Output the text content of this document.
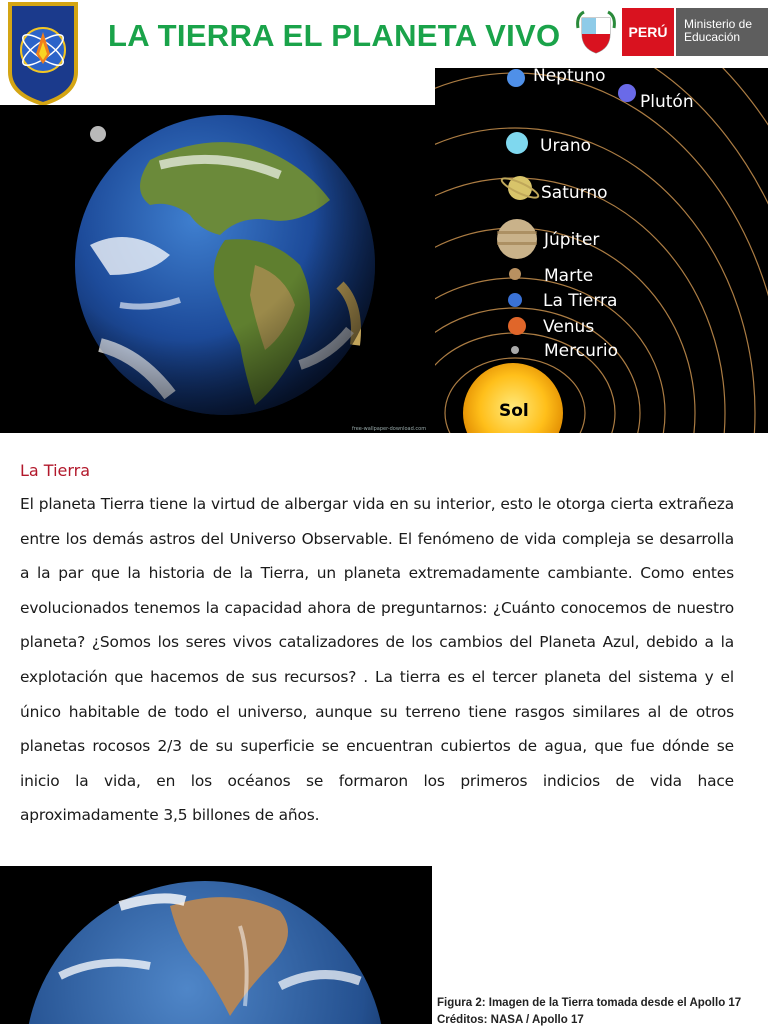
LA TIERRA EL PLANETA VIVO	PERÚ	Ministerio de Educación
free-wallpaper-download.com
Neptuno
Plutón
Urano
Saturno
Júpiter
Marte
La Tierra
Venus
Mercurio
Sol
La Tierra

El planeta Tierra tiene la virtud de albergar vida en su interior, esto le otorga cierta extrañeza entre los demás astros del Universo Observable. El fenómeno de vida compleja se desarrolla a la par que la historia de la Tierra, un planeta extremadamente cambiante. Como entes evolucionados tenemos la capacidad ahora de preguntarnos: ¿Cuánto conocemos de nuestro planeta? ¿Somos los seres vivos catalizadores de los cambios del Planeta Azul, debido a la explotación que hacemos de sus recursos? . La tierra es el tercer planeta del sistema y el único habitable de todo el universo, aunque su terreno tiene rasgos similares al de otros planetas rocosos 2/3 de su superficie se encuentran cubiertos de agua, que fue dónde se inicio la vida, en los océanos se formaron los primeros indicios de vida hace aproximadamente 3,5 billones de años.

Figura 2: Imagen de la Tierra tomada desde el Apollo 17
Créditos: NASA / Apollo 17
